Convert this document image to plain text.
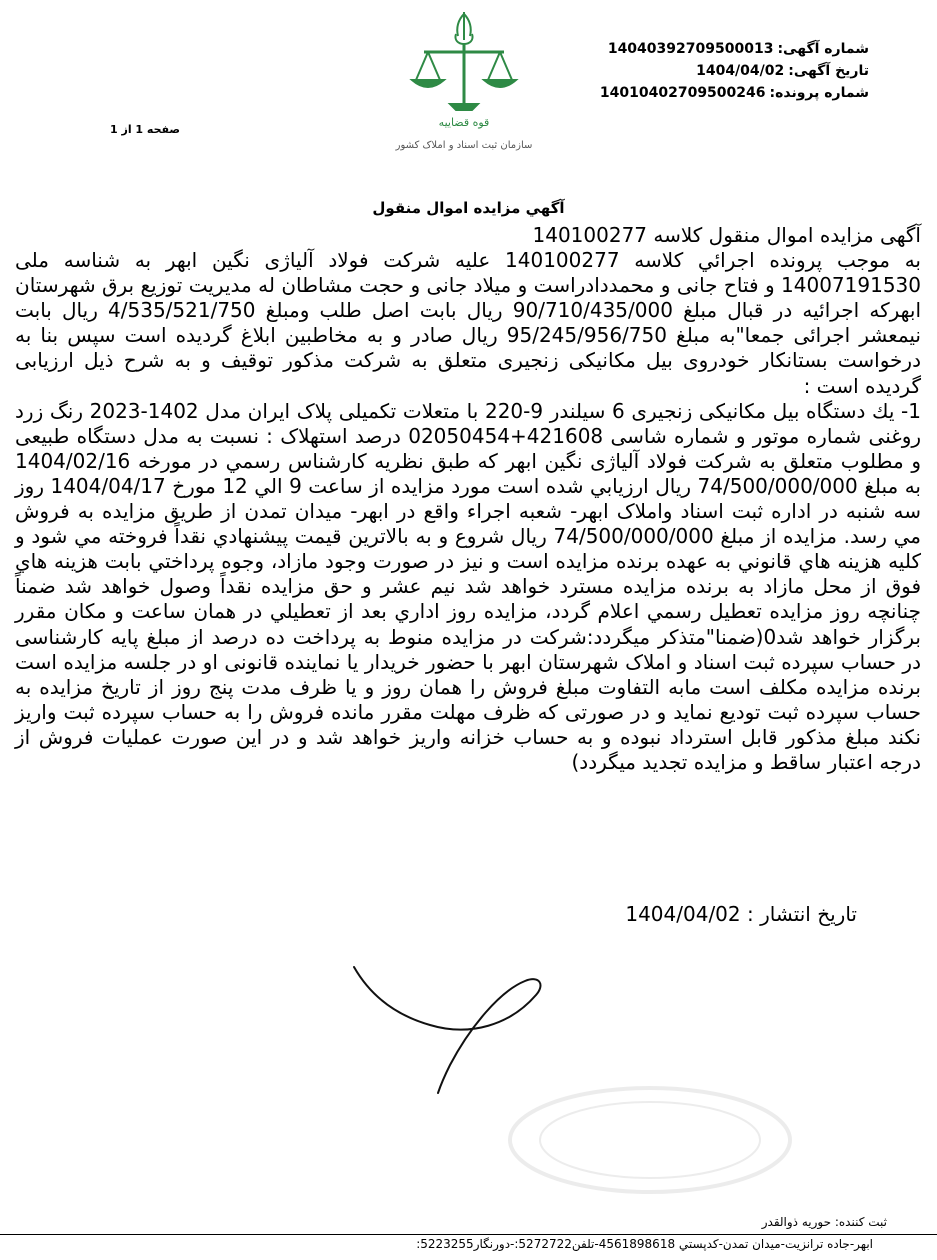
شماره آگهی:
14040392709500013
تاریخ آگهی:
1404/04/02
شماره پرونده:
14010402709500246
صفحه 1 از 1
قوه قضاییه
سازمان ثبت اسناد و املاک کشور
آگهي مزايده اموال منقول

آگهی مزایده اموال منقول کلاسه 140100277

به موجب پرونده اجرائي كلاسه 140100277 علیه شرکت فولاد آلیاژی نگین ابهر به شناسه ملی 14007191530 و فتاح جانی و محمددادراست و میلاد جانی و حجت مشاطان له مدیریت توزیع برق شهرستان ابهرکه اجرائیه در قبال مبلغ 90/710/435/000 ریال بابت اصل طلب ومبلغ 4/535/521/750 ریال بابت نیمعشر اجرائی جمعا"به مبلغ 95/245/956/750 ریال صادر و به مخاطبین ابلاغ گردیده است سپس بنا به درخواست بستانکار خودروی بیل مکانیکی زنجیری متعلق به شرکت مذکور توقیف و به شرح ذیل ارزیابی گردیده است :

1- يك دستگاه بیل مکانیکی زنجیری 6 سیلندر 9-220 با متعلات تکمیلی پلاک ایران مدل 1402-2023 رنگ زرد روغنی شماره موتور و شماره شاسی 421608+02050454 درصد استهلاک : نسبت به مدل دستگاه طبیعی و مطلوب متعلق به شرکت فولاد آلیاژی نگین ابهر که طبق نظریه کارشناس رسمي در مورخه 1404/02/16 به مبلغ 74/500/000/000 ريال ارزيابي شده است مورد مزايده از ساعت 9 الي 12 مورخ 1404/04/17 روز سه شنبه در اداره ثبت اسناد واملاک ابهر- شعبه اجراء واقع در ابهر- میدان تمدن از طريق مزايده به فروش مي رسد. مزايده از مبلغ 74/500/000/000 ريال شروع و به بالاترين قيمت پيشنهادي نقداً فروخته مي شود و كليه هزينه هاي قانوني به عهده برنده مزايده است و نيز در صورت وجود مازاد، وجوه پرداختي بابت هزينه هاي فوق از محل مازاد به برنده مزايده مسترد خواهد شد نيم عشر و حق مزايده نقداً وصول خواهد شد ضمناً چنانچه روز مزايده تعطيل رسمي اعلام گردد، مزايده روز اداري بعد از تعطيلي در همان ساعت و مكان مقرر برگزار خواهد شد0(ضمنا"متذکر میگردد:شرکت در مزایده منوط به پرداخت ده درصد از مبلغ پایه کارشناسی در حساب سپرده ثبت اسناد و املاک شهرستان ابهر با حضور خریدار یا نماینده قانونی او در جلسه مزایده است برنده مزایده مکلف است مابه التفاوت مبلغ فروش را همان روز و یا ظرف مدت پنج روز از تاریخ مزایده به حساب سپرده ثبت تودیع نماید و در صورتی که ظرف مهلت مقرر مانده فروش را به حساب سپرده ثبت واریز نکند مبلغ مذکور قابل استرداد نبوده و به حساب خزانه واریز خواهد شد و در این صورت عملیات فروش از درجه اعتبار ساقط و مزایده تجدید میگردد)

تاریخ انتشار : 1404/04/02
ثبت کننده: حوریه ذوالقدر
ابهر-جاده ترانزیت-میدان تمدن-کدپستي 4561898618-تلفن5272722:-دورنگار5223255:
